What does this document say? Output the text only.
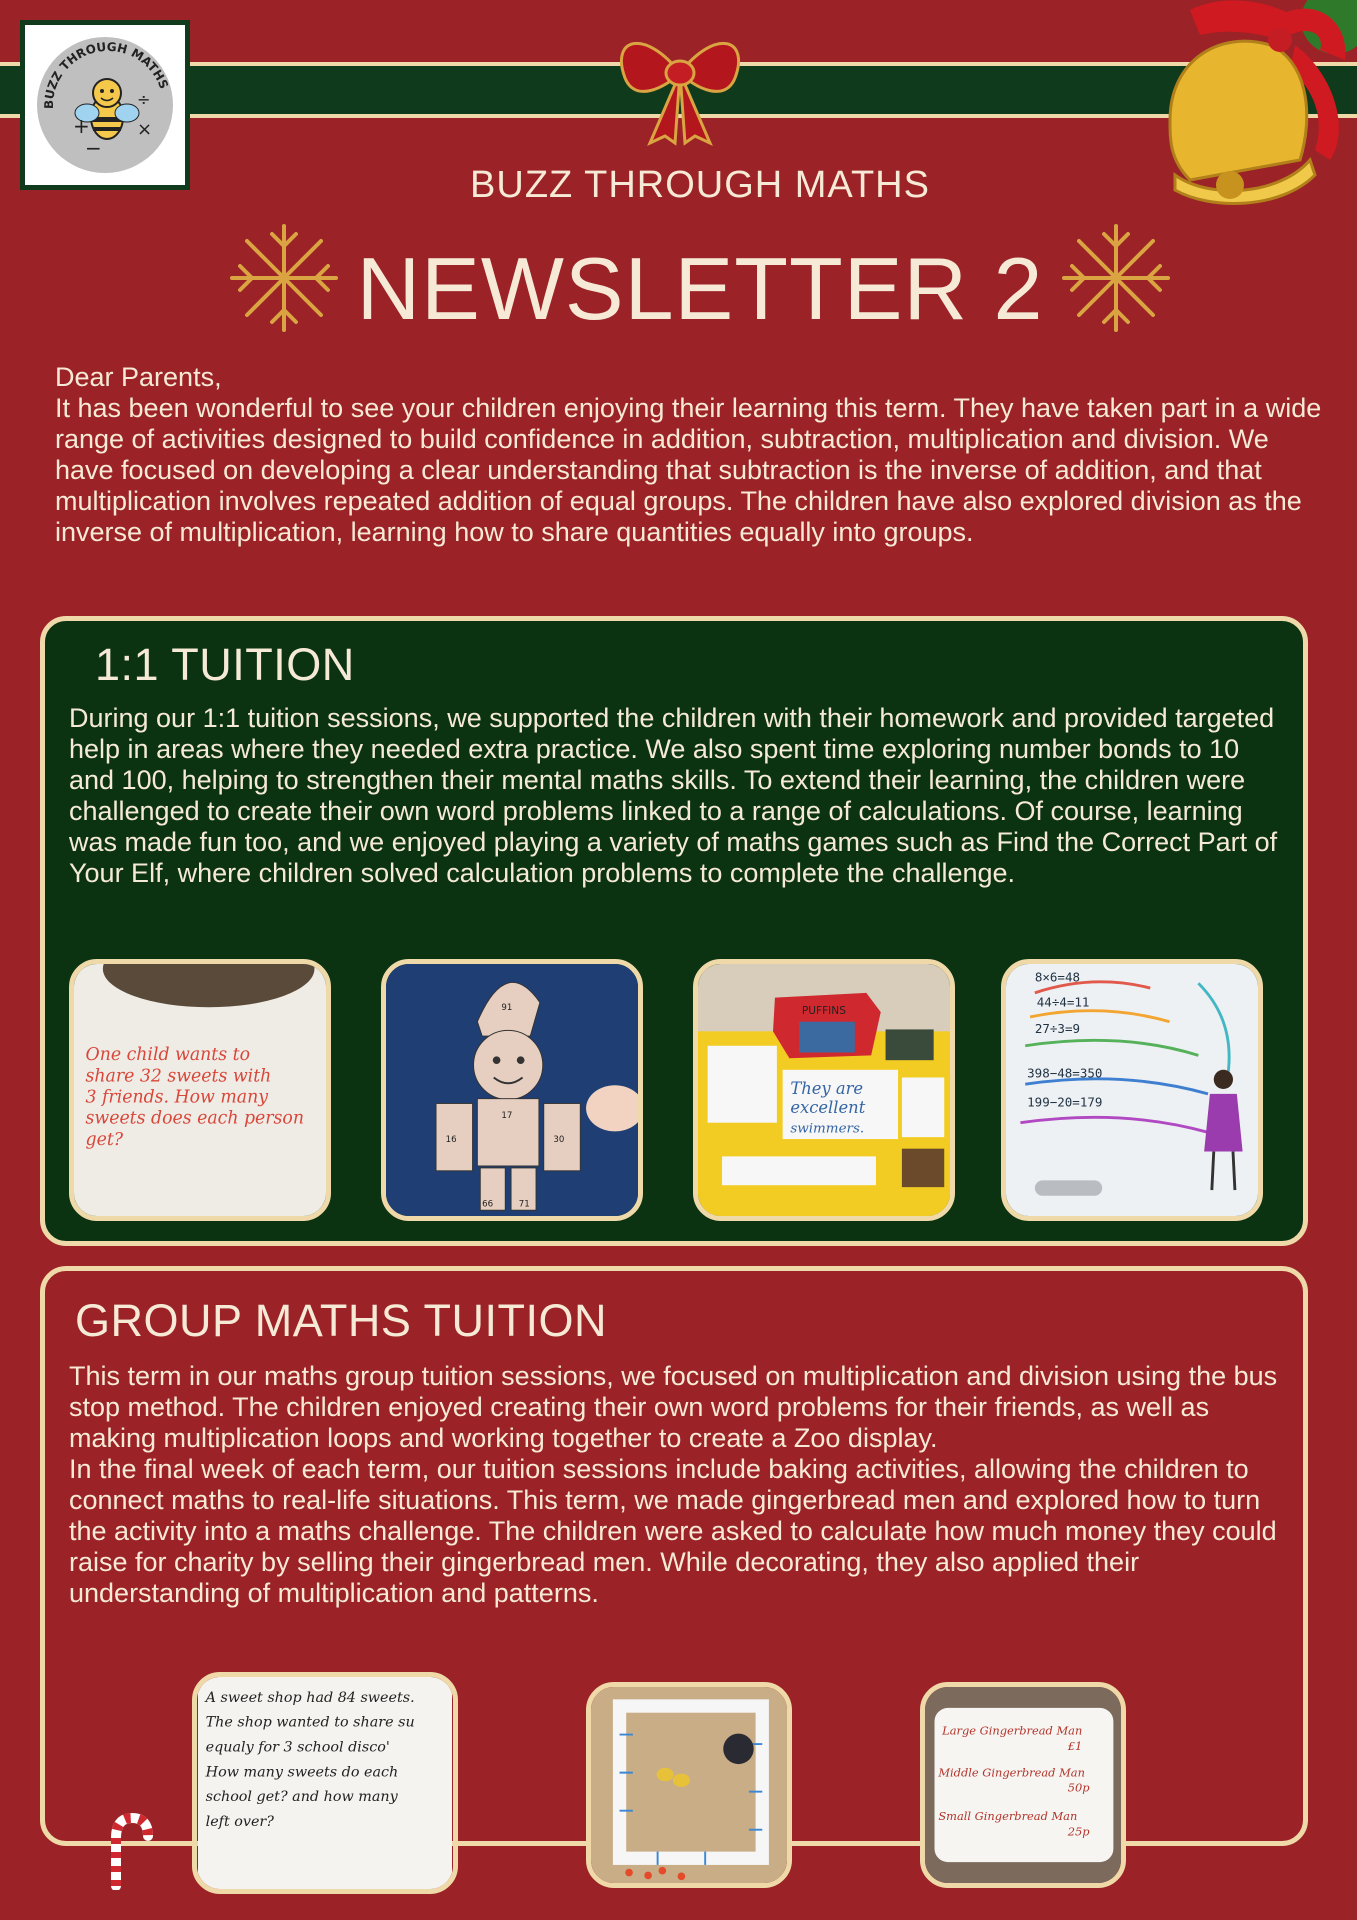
BUZZ THROUGH MATHS
+	×
÷
−
BUZZ THROUGH MATHS
NEWSLETTER 2

Dear Parents,

It has been wonderful to see your children enjoying their learning this term. They have taken part in a wide range of activities designed to build confidence in addition, subtraction, multiplication and division. We have focused on developing a clear understanding that subtraction is the inverse of addition, and that multiplication involves repeated addition of equal groups. The children have also explored division as the inverse of multiplication, learning how to share quantities equally into groups.

1:1 TUITION
During our 1:1 tuition sessions, we supported the children with their homework and provided targeted help in areas where they needed extra practice. We also spent time exploring number bonds to 10 and 100, helping to strengthen their mental maths skills. To extend their learning, the children were challenged to create their own word problems linked to a range of calculations. Of course, learning was made fun too, and we enjoyed playing a variety of maths games such as Find the Correct Part of Your Elf, where children solved calculation problems to complete the challenge.
One child wants to
share 32 sweets with
3 friends. How many
sweets does each person
get?
91
17
16	30
66	71
PUFFINS
They are
excellent
swimmers.
8×6=48
44÷4=11
27÷3=9
398−48=350
199−20=179
GROUP MATHS TUITION

This term in our maths group tuition sessions, we focused on multiplication and division using the bus stop method. The children enjoyed creating their own word problems for their friends, as well as making multiplication loops and working together to create a Zoo display.

In the final week of each term, our tuition sessions include baking activities, allowing the children to connect maths to real-life situations. This term, we made gingerbread men and explored how to turn the activity into a maths challenge. The children were asked to calculate how much money they could raise for charity by selling their gingerbread men. While decorating, they also applied their understanding of multiplication and patterns.

A sweet shop had 84 sweets.
The shop wanted to share su
equaly for 3 school disco'
How many sweets do each
school get? and how many
left over?
Large Gingerbread Man
£1
Middle Gingerbread Man
50p
Small Gingerbread Man
25p
